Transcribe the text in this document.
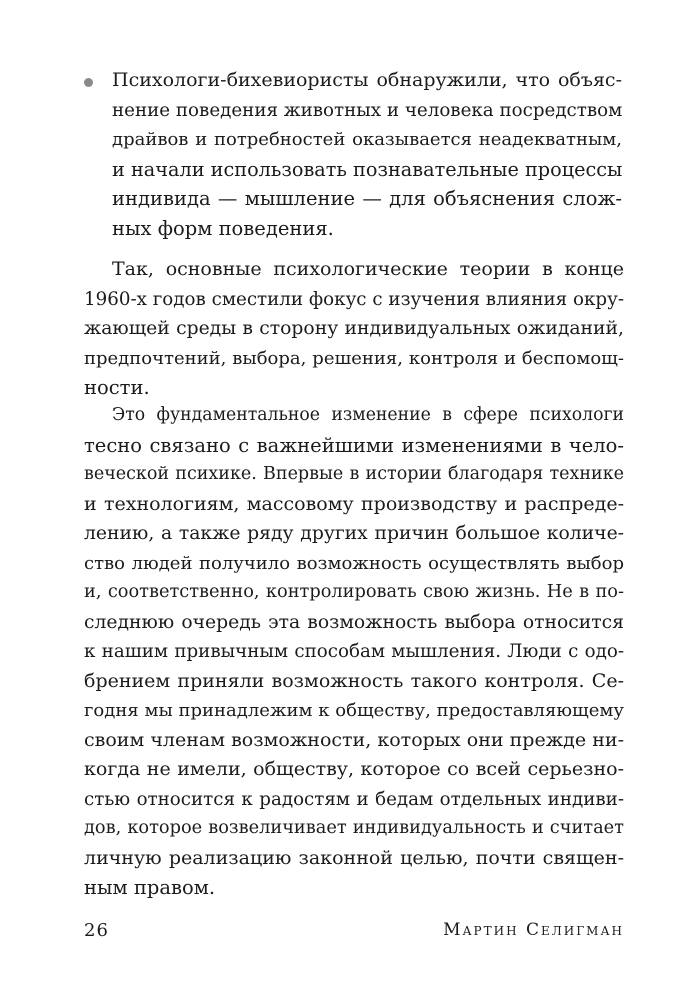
Психологи-бихевиористы обнаружили, что объяс-
нение поведения животных и человека посредством
драйвов и потребностей оказывается неадекватным,
и начали использовать познавательные процессы
индивида — мышление — для объяснения слож-
ных форм поведения.
Так, основные психологические теории в конце
1960-х годов сместили фокус с изучения влияния окру-
жающей среды в сторону индивидуальных ожиданий,
предпочтений, выбора, решения, контроля и беспомощ-
ности.
Это фундаментальное изменение в сфере психологи
тесно связано с важнейшими изменениями в чело-
веческой психике. Впервые в истории благодаря технике
и технологиям, массовому производству и распреде-
лению, а также ряду других причин большое количе-
ство людей получило возможность осуществлять выбор
и, соответственно, контролировать свою жизнь. Не в по-
следнюю очередь эта возможность выбора относится
к нашим привычным способам мышления. Люди с одо-
брением приняли возможность такого контроля. Се-
годня мы принадлежим к обществу, предоставляющему
своим членам возможности, которых они прежде ни-
когда не имели, обществу, которое со всей серьезно-
стью относится к радостям и бедам отдельных индиви-
дов, которое возвеличивает индивидуальность и считает
личную реализацию законной целью, почти священ-
ным правом.
26	Мартин Селигман
